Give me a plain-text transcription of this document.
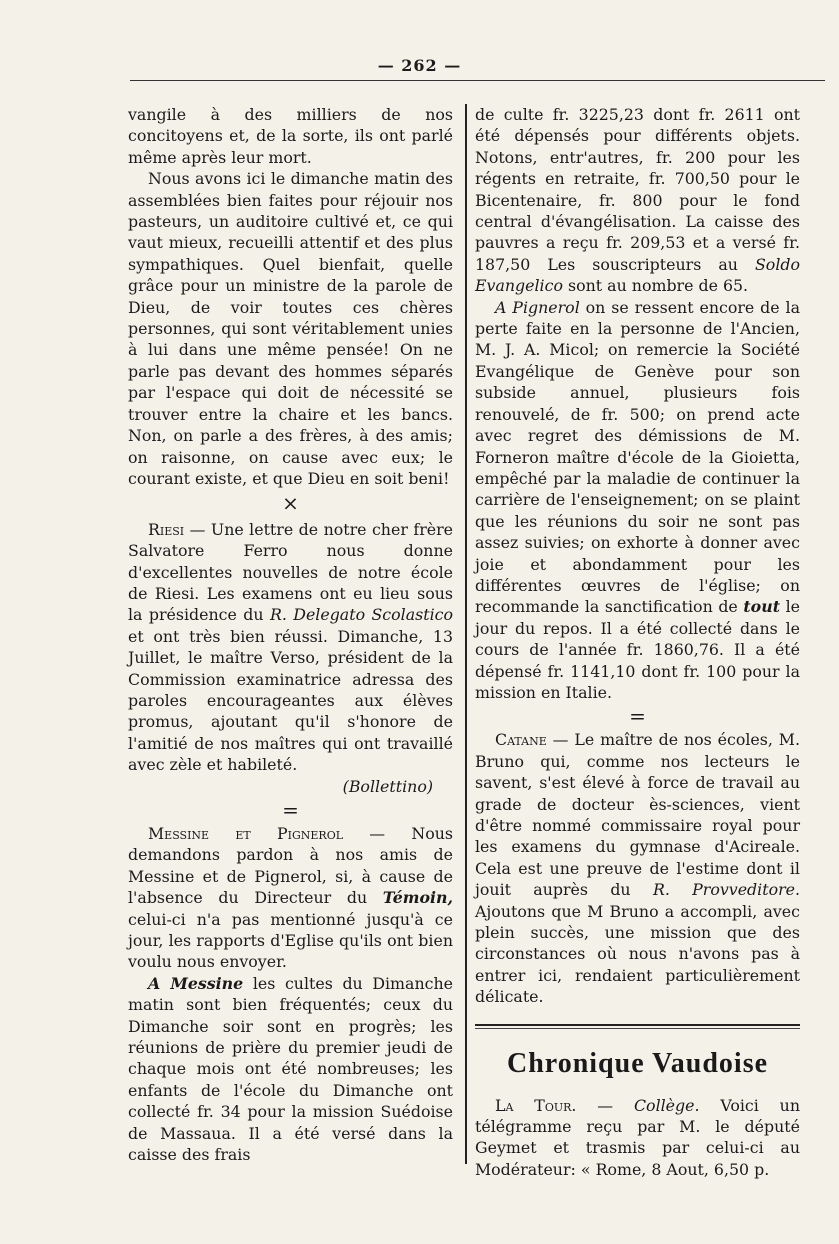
— 262 —

vangile à des milliers de nos concitoyens et, de la sorte, ils ont parlé même après leur mort.

Nous avons ici le dimanche matin des assemblées bien faites pour réjouir nos pasteurs, un auditoire cultivé et, ce qui vaut mieux, recueilli attentif et des plus sympathiques. Quel bienfait, quelle grâce pour un ministre de la parole de Dieu, de voir toutes ces chères personnes, qui sont véritablement unies à lui dans une même pensée! On ne parle pas devant des hommes séparés par l'espace qui doit de nécessité se trouver entre la chaire et les bancs. Non, on parle a des frères, à des amis; on raisonne, on cause avec eux; le courant existe, et que Dieu en soit beni!

×

Riesi — Une lettre de notre cher frère Salvatore Ferro nous donne d'excellentes nouvelles de notre école de Riesi. Les examens ont eu lieu sous la présidence du R. Delegato Scolastico et ont très bien réussi. Dimanche, 13 Juillet, le maître Verso, président de la Commission examinatrice adressa des paroles encourageantes aux élèves promus, ajoutant qu'il s'honore de l'amitié de nos maîtres qui ont travaillé avec zèle et habileté.

(Bollettino)

=

Messine et Pignerol — Nous demandons pardon à nos amis de Messine et de Pignerol, si, à cause de l'absence du Directeur du Témoin, celui-ci n'a pas mentionné jusqu'à ce jour, les rapports d'Eglise qu'ils ont bien voulu nous envoyer.

A Messine les cultes du Dimanche matin sont bien fréquentés; ceux du Dimanche soir sont en progrès; les réunions de prière du premier jeudi de chaque mois ont été nombreuses; les enfants de l'école du Dimanche ont collecté fr. 34 pour la mission Suédoise de Massaua. Il a été versé dans la caisse des frais

de culte fr. 3225,23 dont fr. 2611 ont été dépensés pour différents objets. Notons, entr'autres, fr. 200 pour les régents en retraite, fr. 700,50 pour le Bicentenaire, fr. 800 pour le fond central d'évangélisation. La caisse des pauvres a reçu fr. 209,53 et a versé fr. 187,50 Les souscripteurs au Soldo Evangelico sont au nombre de 65.

A Pignerol on se ressent encore de la perte faite en la personne de l'Ancien, M. J. A. Micol; on remercie la Société Evangélique de Genève pour son subside annuel, plusieurs fois renouvelé, de fr. 500; on prend acte avec regret des démissions de M. Forneron maître d'école de la Gioietta, empêché par la maladie de continuer la carrière de l'enseignement; on se plaint que les réunions du soir ne sont pas assez suivies; on exhorte à donner avec joie et abondamment pour les différentes œuvres de l'église; on recommande la sanctification de tout le jour du repos. Il a été collecté dans le cours de l'année fr. 1860,76. Il a été dépensé fr. 1141,10 dont fr. 100 pour la mission en Italie.

=

Catane — Le maître de nos écoles, M. Bruno qui, comme nos lecteurs le savent, s'est élevé à force de travail au grade de docteur ès-sciences, vient d'être nommé commissaire royal pour les examens du gymnase d'Acireale. Cela est une preuve de l'estime dont il jouit auprès du R. Provveditore. Ajoutons que M Bruno a accompli, avec plein succès, une mission que des circonstances où nous n'avons pas à entrer ici, rendaient particulièrement délicate.

Chronique Vaudoise

La Tour. — Collège. Voici un télégramme reçu par M. le député Geymet et trasmis par celui-ci au Modérateur: « Rome, 8 Aout, 6,50 p.
